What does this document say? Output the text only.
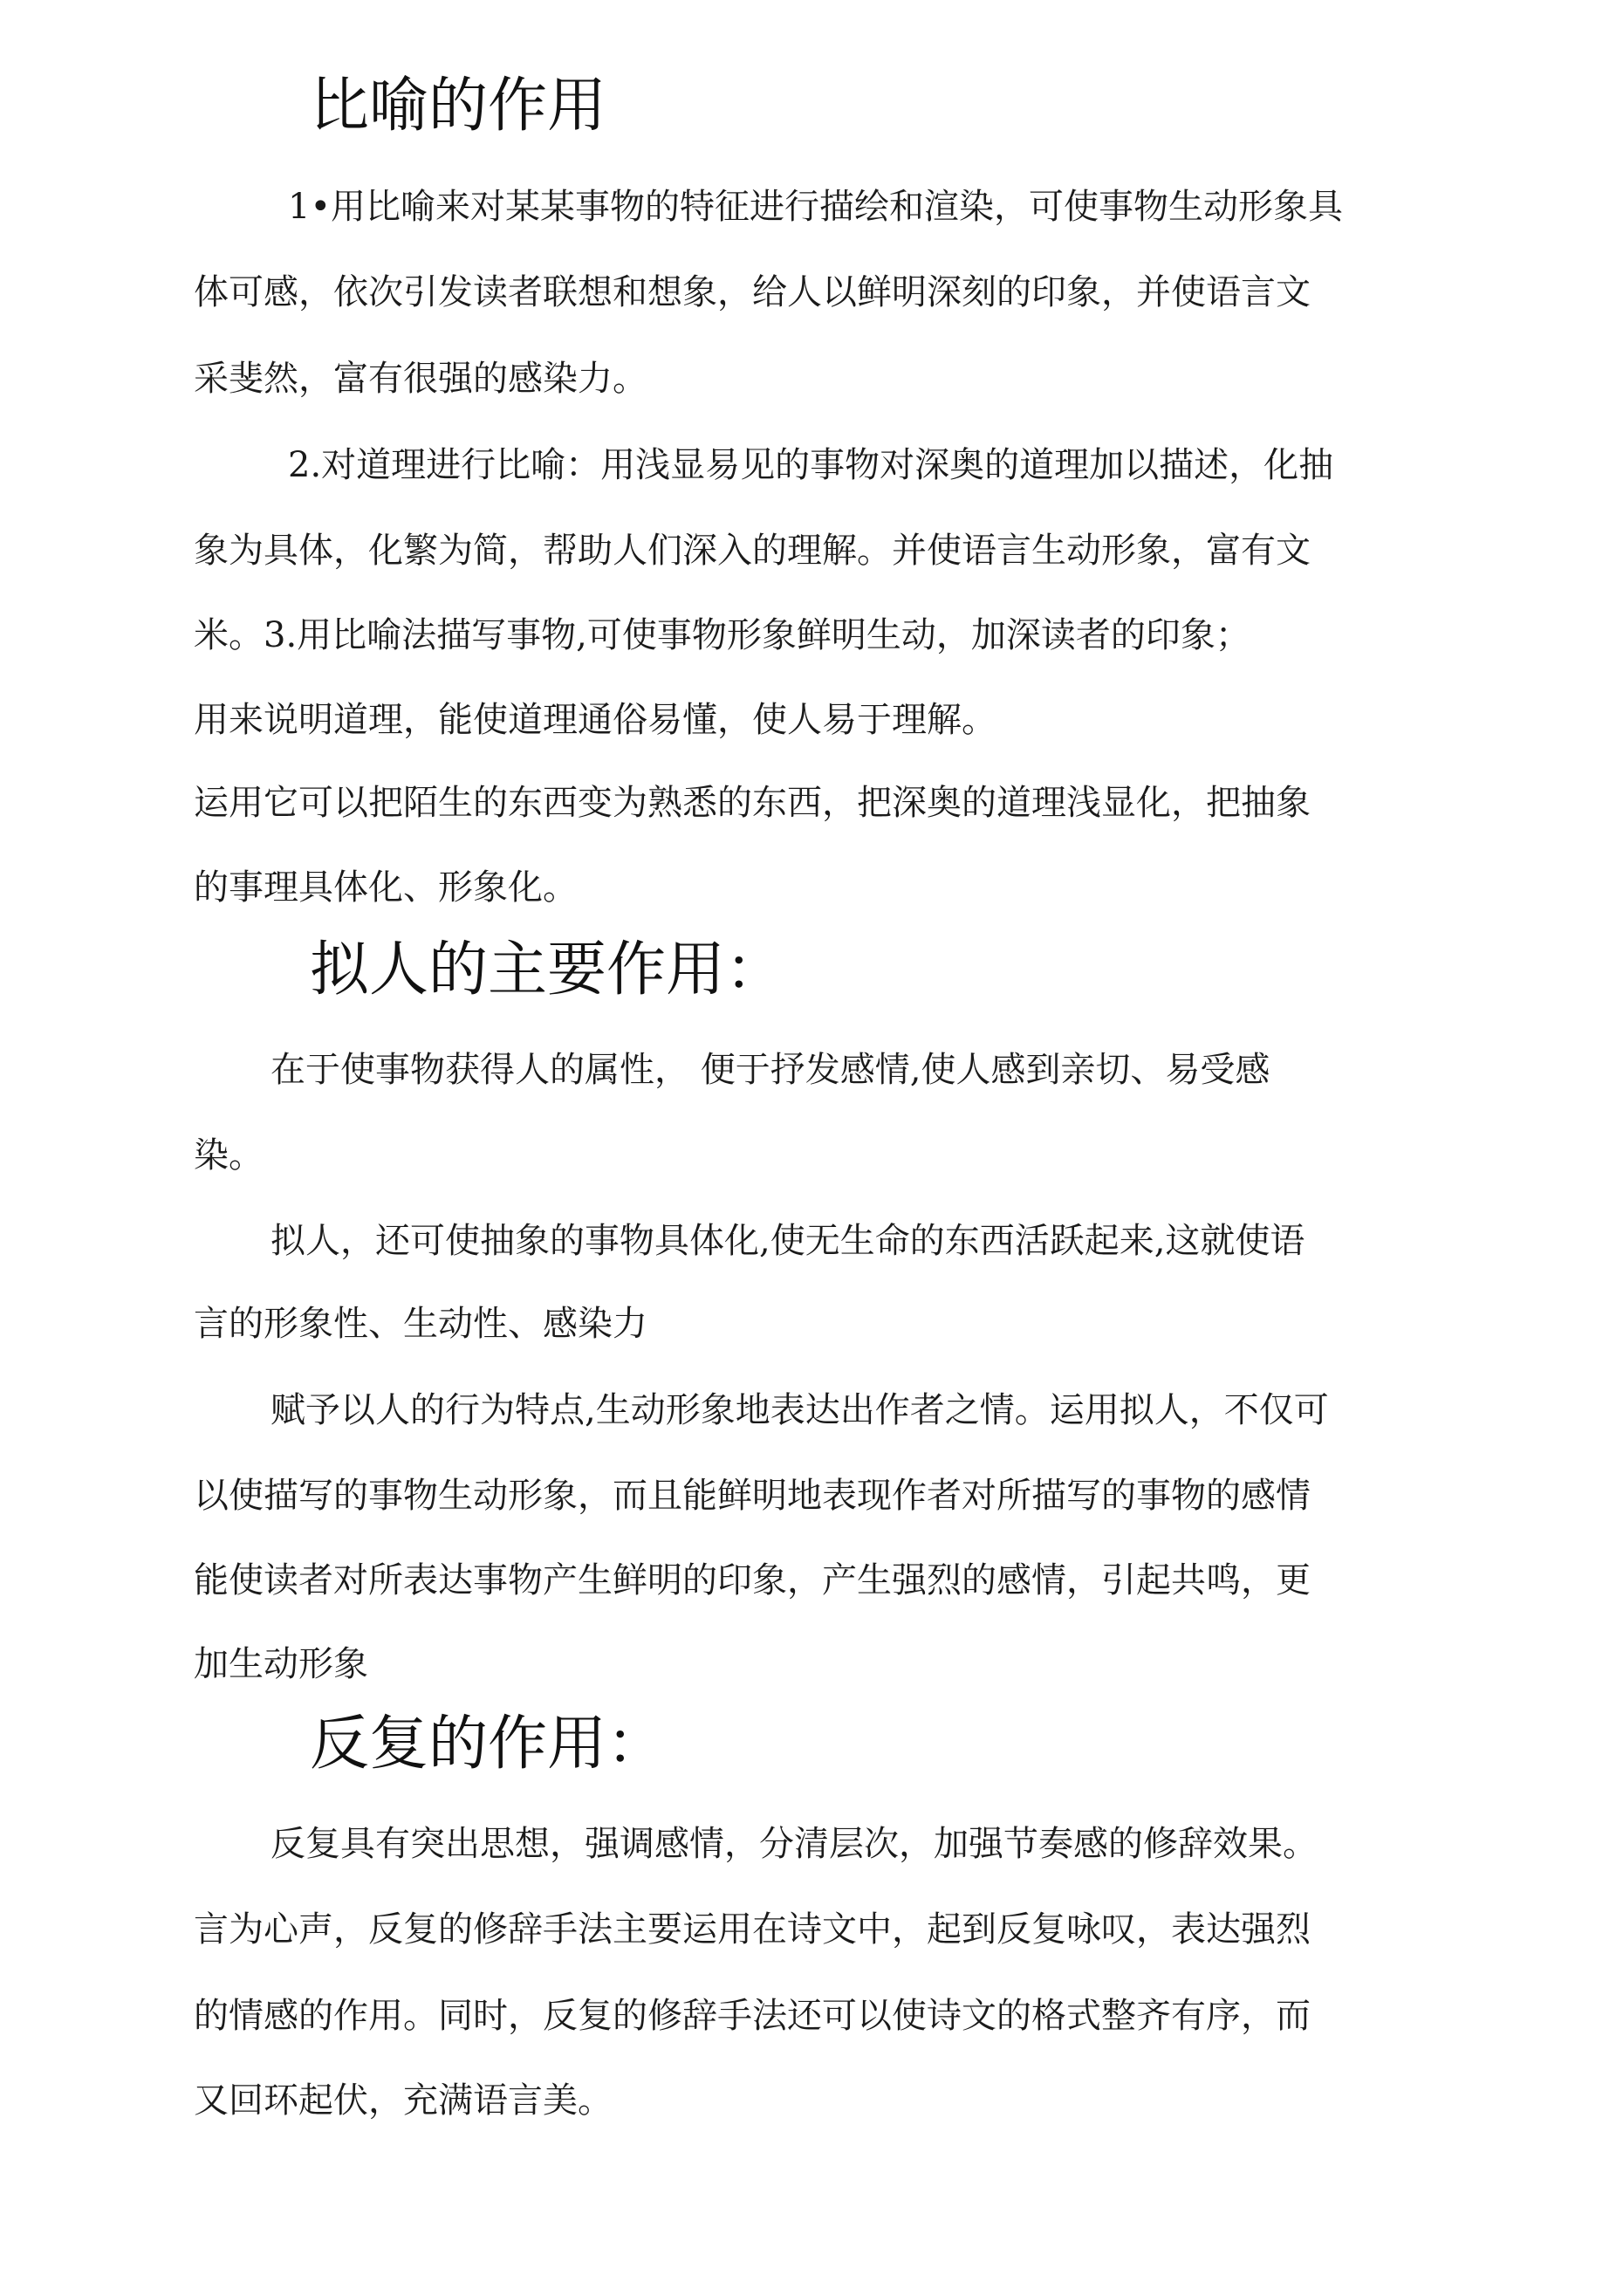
比喻的作用

1•用比喻来对某某事物的特征进行描绘和渲染，可使事物生动形象具

体可感，依次引发读者联想和想象，给人以鲜明深刻的印象，并使语言文

采斐然，富有很强的感染力。

2.对道理进行比喻：用浅显易见的事物对深奥的道理加以描述，化抽

象为具体，化繁为简，帮助人们深入的理解。并使语言生动形象，富有文

米。3.用比喻法描写事物,可使事物形象鲜明生动，加深读者的印象；

用来说明道理，能使道理通俗易懂，使人易于理解。

运用它可以把陌生的东西变为熟悉的东西，把深奥的道理浅显化，把抽象

的事理具体化、形象化。

拟人的主要作用：

在于使事物获得人的属性， 便于抒发感情,使人感到亲切、易受感

染。

拟人，还可使抽象的事物具体化,使无生命的东西活跃起来,这就使语

言的形象性、生动性、感染力

赋予以人的行为特点,生动形象地表达出作者之情。运用拟人，不仅可

以使描写的事物生动形象，而且能鲜明地表现作者对所描写的事物的感情

能使读者对所表达事物产生鲜明的印象，产生强烈的感情，引起共鸣，更

加生动形象

反复的作用：

反复具有突出思想，强调感情，分清层次，加强节奏感的修辞效果。

言为心声，反复的修辞手法主要运用在诗文中，起到反复咏叹，表达强烈

的情感的作用。同时，反复的修辞手法还可以使诗文的格式整齐有序，而

又回环起伏，充满语言美。
